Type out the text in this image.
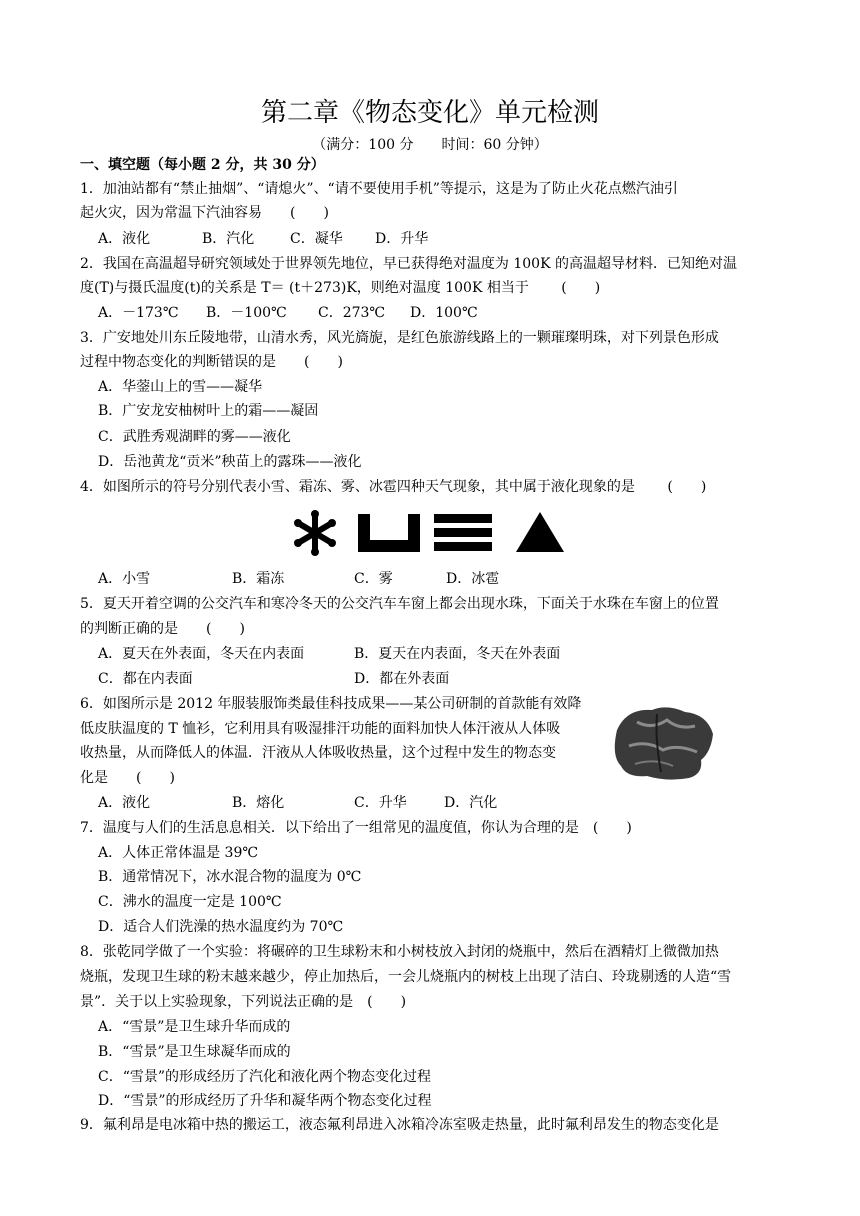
第二章《物态变化》单元检测
（满分：100 分　　时间：60 分钟）
一、填空题（每小题 2 分，共 30 分）
1．加油站都有“禁止抽烟”、“请熄火”、“请不要使用手机”等提示，这是为了防止火花点燃汽油引
起火灾，因为常温下汽油容易　　(　　)
A．液化	B．汽化	C．凝华 D．升华
2．我国在高温超导研究领域处于世界领先地位，早已获得绝对温度为 100K 的高温超导材料．已知绝对温
度(T)与摄氏温度(t)的关系是 T＝ (t＋273)K，则绝对温度 100K 相当于　　 (　　)
A．－173℃ B．－100℃ C．273℃ D．100℃
3．广安地处川东丘陵地带，山清水秀，风光旖旎，是红色旅游线路上的一颗璀璨明珠，对下列景色形成
过程中物态变化的判断错误的是　　(　　)
A．华蓥山上的雪——凝华
B．广安龙安柚树叶上的霜——凝固
C．武胜秀观湖畔的雾——液化
D．岳池黄龙“贡米”秧苗上的露珠——液化
4．如图所示的符号分别代表小雪、霜冻、雾、冰雹四种天气现象，其中属于液化现象的是　　 (　　)
A．小雪	B．霜冻	C．雾	D．冰雹
5．夏天开着空调的公交汽车和寒冷冬天的公交汽车车窗上都会出现水珠，下面关于水珠在车窗上的位置
的判断正确的是　　(　　)
A．夏天在外表面，冬天在内表面	B．夏天在内表面，冬天在外表面
C．都在内表面	D．都在外表面
6．如图所示是 2012 年服装服饰类最佳科技成果——某公司研制的首款能有效降
低皮肤温度的 T 恤衫，它利用具有吸湿排汗功能的面料加快人体汗液从人体吸
收热量，从而降低人的体温．汗液从人体吸收热量，这个过程中发生的物态变
化是　　(　　)
A．液化	B．熔化	C．升华	D．汽化
7．温度与人们的生活息息相关．以下给出了一组常见的温度值，你认为合理的是　(　　)
A．人体正常体温是 39℃
B．通常情况下，冰水混合物的温度为 0℃
C．沸水的温度一定是 100℃
D．适合人们洗澡的热水温度约为 70℃
8．张乾同学做了一个实验：将碾碎的卫生球粉末和小树枝放入封闭的烧瓶中，然后在酒精灯上微微加热
烧瓶，发现卫生球的粉末越来越少，停止加热后，一会儿烧瓶内的树枝上出现了洁白、玲珑剔透的人造“雪
景”．关于以上实验现象，下列说法正确的是　(　　)
A．“雪景”是卫生球升华而成的
B．“雪景”是卫生球凝华而成的
C．“雪景”的形成经历了汽化和液化两个物态变化过程
D．“雪景”的形成经历了升华和凝华两个物态变化过程
9．氟利昂是电冰箱中热的搬运工，液态氟利昂进入冰箱冷冻室吸走热量，此时氟利昂发生的物态变化是
